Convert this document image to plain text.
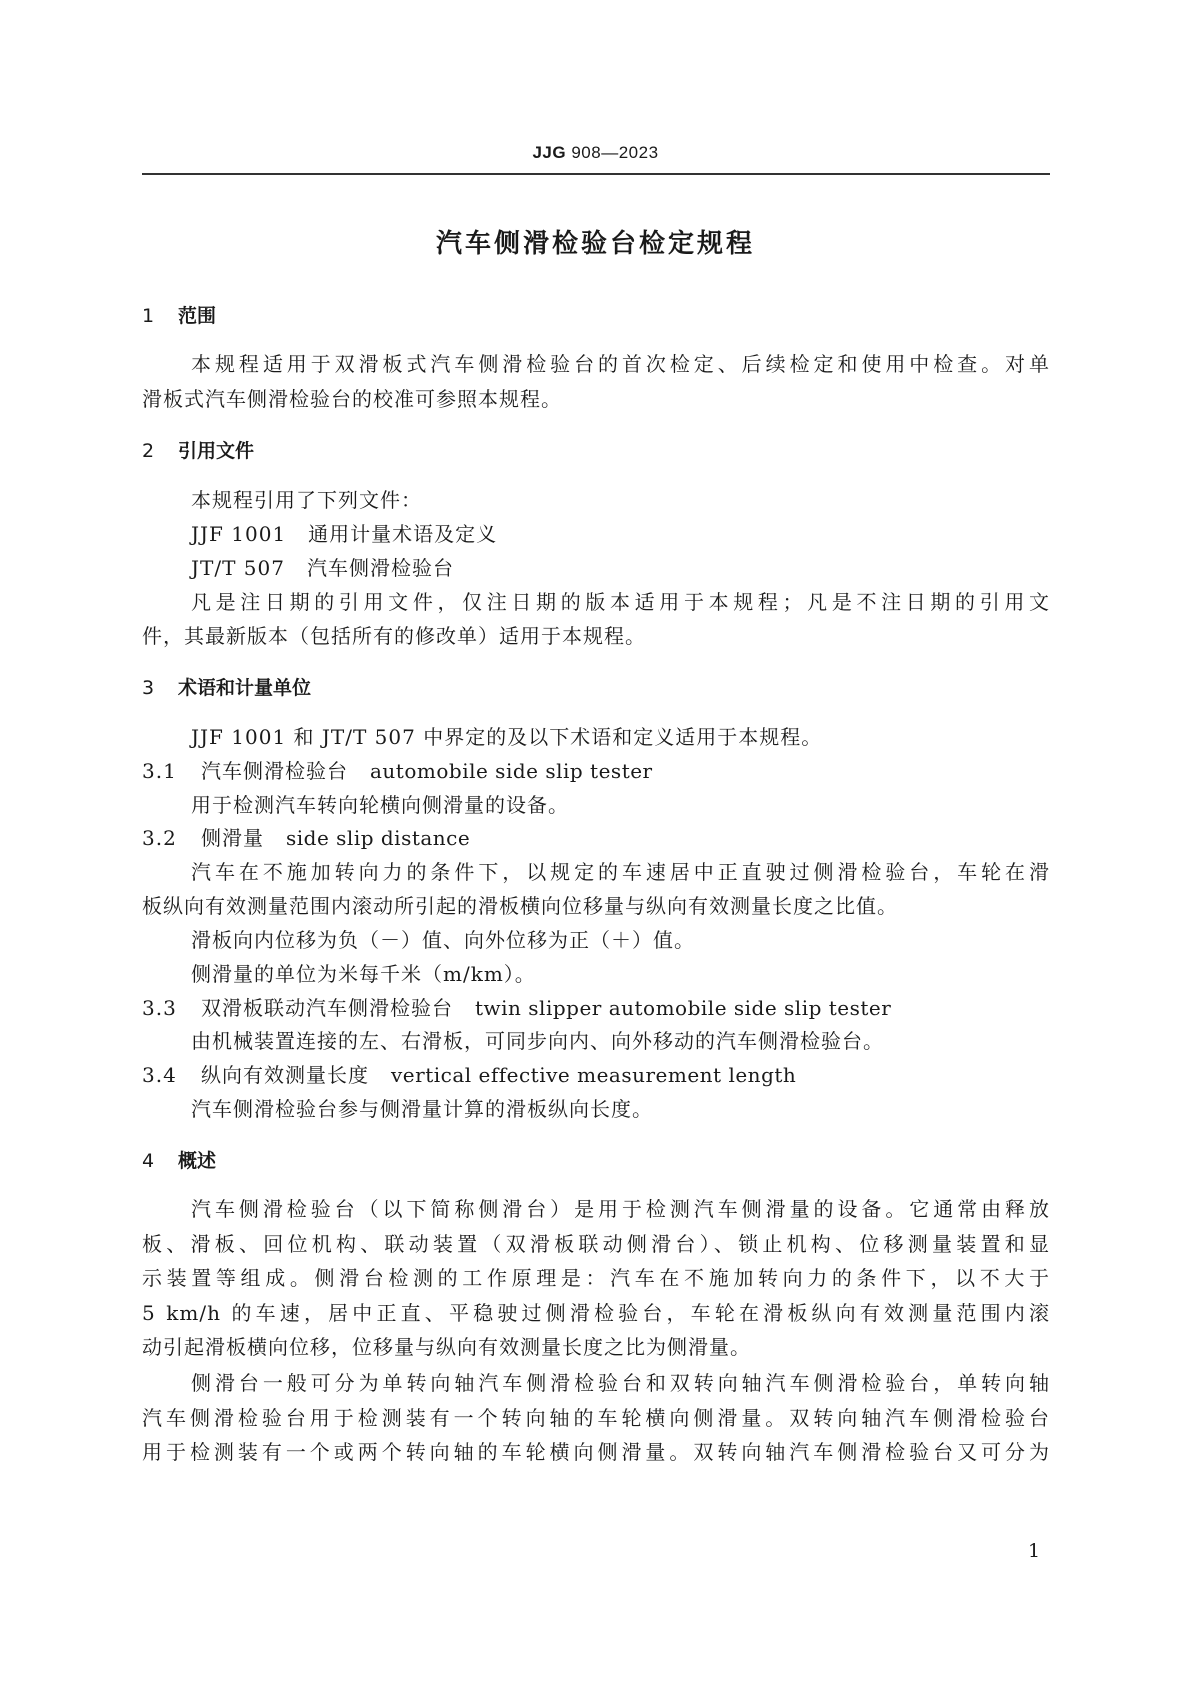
JJG 908—2023
汽车侧滑检验台检定规程
1 范围
本规程适用于双滑板式汽车侧滑检验台的首次检定、后续检定和使用中检查。对单
滑板式汽车侧滑检验台的校准可参照本规程。
2 引用文件
本规程引用了下列文件：
JJF 1001 通用计量术语及定义
JT/T 507 汽车侧滑检验台
凡是注日期的引用文件，仅注日期的版本适用于本规程；凡是不注日期的引用文
件，其最新版本（包括所有的修改单）适用于本规程。
3 术语和计量单位
JJF 1001 和 JT/T 507 中界定的及以下术语和定义适用于本规程。
3.1 汽车侧滑检验台 automobile side slip tester
用于检测汽车转向轮横向侧滑量的设备。
3.2 侧滑量 side slip distance
汽车在不施加转向力的条件下，以规定的车速居中正直驶过侧滑检验台，车轮在滑
板纵向有效测量范围内滚动所引起的滑板横向位移量与纵向有效测量长度之比值。
滑板向内位移为负（－）值、向外位移为正（＋）值。
侧滑量的单位为米每千米（m/km）。
3.3 双滑板联动汽车侧滑检验台 twin slipper automobile side slip tester
由机械装置连接的左、右滑板，可同步向内、向外移动的汽车侧滑检验台。
3.4 纵向有效测量长度 vertical effective measurement length
汽车侧滑检验台参与侧滑量计算的滑板纵向长度。
4 概述
汽车侧滑检验台（以下简称侧滑台）是用于检测汽车侧滑量的设备。它通常由释放
板、滑板、回位机构、联动装置（双滑板联动侧滑台）、锁止机构、位移测量装置和显
示装置等组成。侧滑台检测的工作原理是：汽车在不施加转向力的条件下，以不大于
5 km/h 的车速，居中正直、平稳驶过侧滑检验台，车轮在滑板纵向有效测量范围内滚
动引起滑板横向位移，位移量与纵向有效测量长度之比为侧滑量。
侧滑台一般可分为单转向轴汽车侧滑检验台和双转向轴汽车侧滑检验台，单转向轴
汽车侧滑检验台用于检测装有一个转向轴的车轮横向侧滑量。双转向轴汽车侧滑检验台
用于检测装有一个或两个转向轴的车轮横向侧滑量。双转向轴汽车侧滑检验台又可分为
1
